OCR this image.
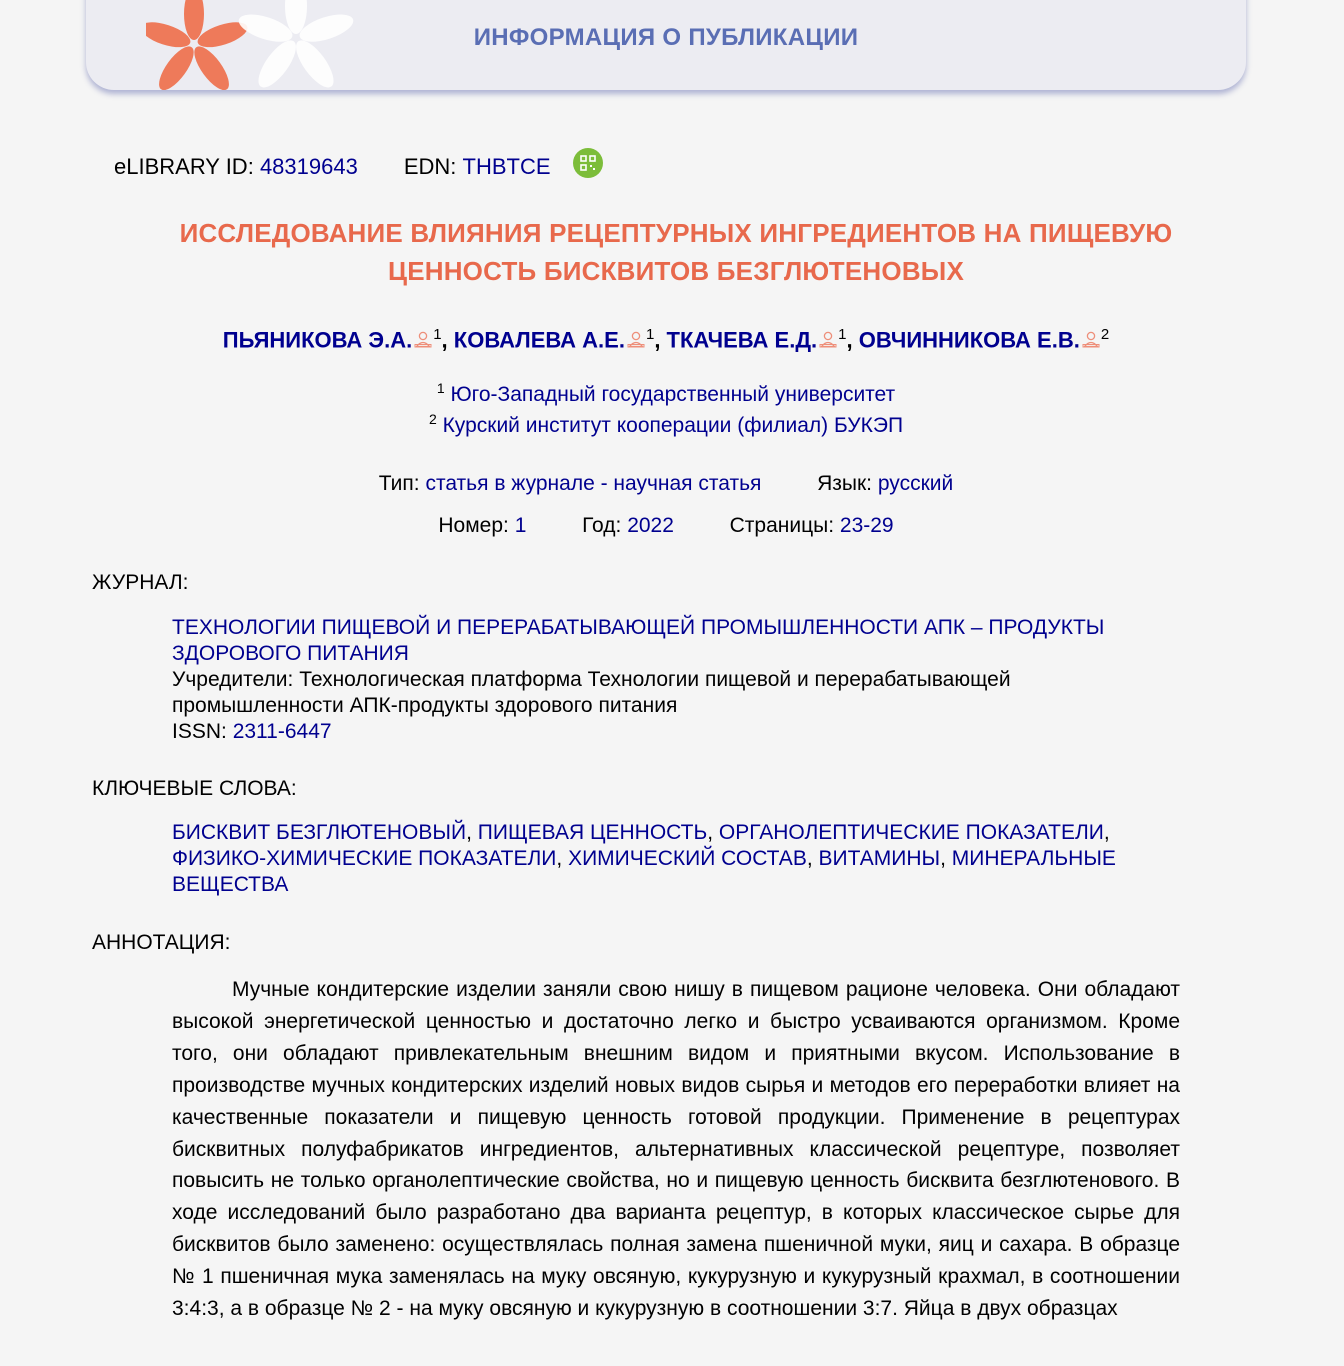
ИНФОРМАЦИЯ О ПУБЛИКАЦИИ
eLIBRARY ID:
48319643 EDN:
THBTCE
ИССЛЕДОВАНИЕ ВЛИЯНИЯ РЕЦЕПТУРНЫХ ИНГРЕДИЕНТОВ НА ПИЩЕВУЮ
ЦЕННОСТЬ БИСКВИТОВ БЕЗГЛЮТЕНОВЫХ
ПЬЯНИКОВА Э.А. $^1$, КОВАЛЕВА А.Е. $^1$, ТКАЧЕВА Е.Д. $^1$, ОВЧИННИКОВА Е.В. $^2$
$^1$ Юго-Западный государственный университет
$^2$ Курский институт кооперации (филиал) БУКЭП
Тип: статья в журнале - научная статья	Язык: русский
Номер: 1	Год: 2022	Страницы: 23-29
ЖУРНАЛ:
ТЕХНОЛОГИИ ПИЩЕВОЙ И ПЕРЕРАБАТЫВАЮЩЕЙ ПРОМЫШЛЕННОСТИ АПК – ПРОДУКТЫ
ЗДОРОВОГО ПИТАНИЯ
Учредители: Технологическая платформа Технологии пищевой и перерабатывающей
промышленности АПК-продукты здорового питания
ISSN: 2311-6447
КЛЮЧЕВЫЕ СЛОВА:
БИСКВИТ БЕЗГЛЮТЕНОВЫЙ, ПИЩЕВАЯ ЦЕННОСТЬ, ОРГАНОЛЕПТИЧЕСКИЕ ПОКАЗАТЕЛИ, ФИЗИКО-ХИМИЧЕСКИЕ ПОКАЗАТЕЛИ, ХИМИЧЕСКИЙ СОСТАВ, ВИТАМИНЫ, МИНЕРАЛЬНЫЕ ВЕЩЕСТВА
АННОТАЦИЯ:
Мучные кондитерские изделии заняли свою нишу в пищевом рационе человека. Они обладают высокой энергетической ценностью и достаточно легко и быстро усваиваются организмом. Кроме того, они обладают привлекательным внешним видом и приятными вкусом. Использование в производстве мучных кондитерских изделий новых видов сырья и методов его переработки влияет на качественные показатели и пищевую ценность готовой продукции. Применение в рецептурах бисквитных полуфабрикатов ингредиентов, альтернативных классической рецептуре, позволяет повысить не только органолептические свойства, но и пищевую ценность бисквита безглютенового. В ходе исследований было разработано два варианта рецептур, в которых классическое сырье для бисквитов было заменено: осуществлялась полная замена пшеничной муки, яиц и сахара. В образце № 1 пшеничная мука заменялась на муку овсяную, кукурузную и кукурузный крахмал, в соотношении 3:4:3, а в образце № 2 - на муку овсяную и кукурузную в соотношении 3:7. Яйца в двух образцах
